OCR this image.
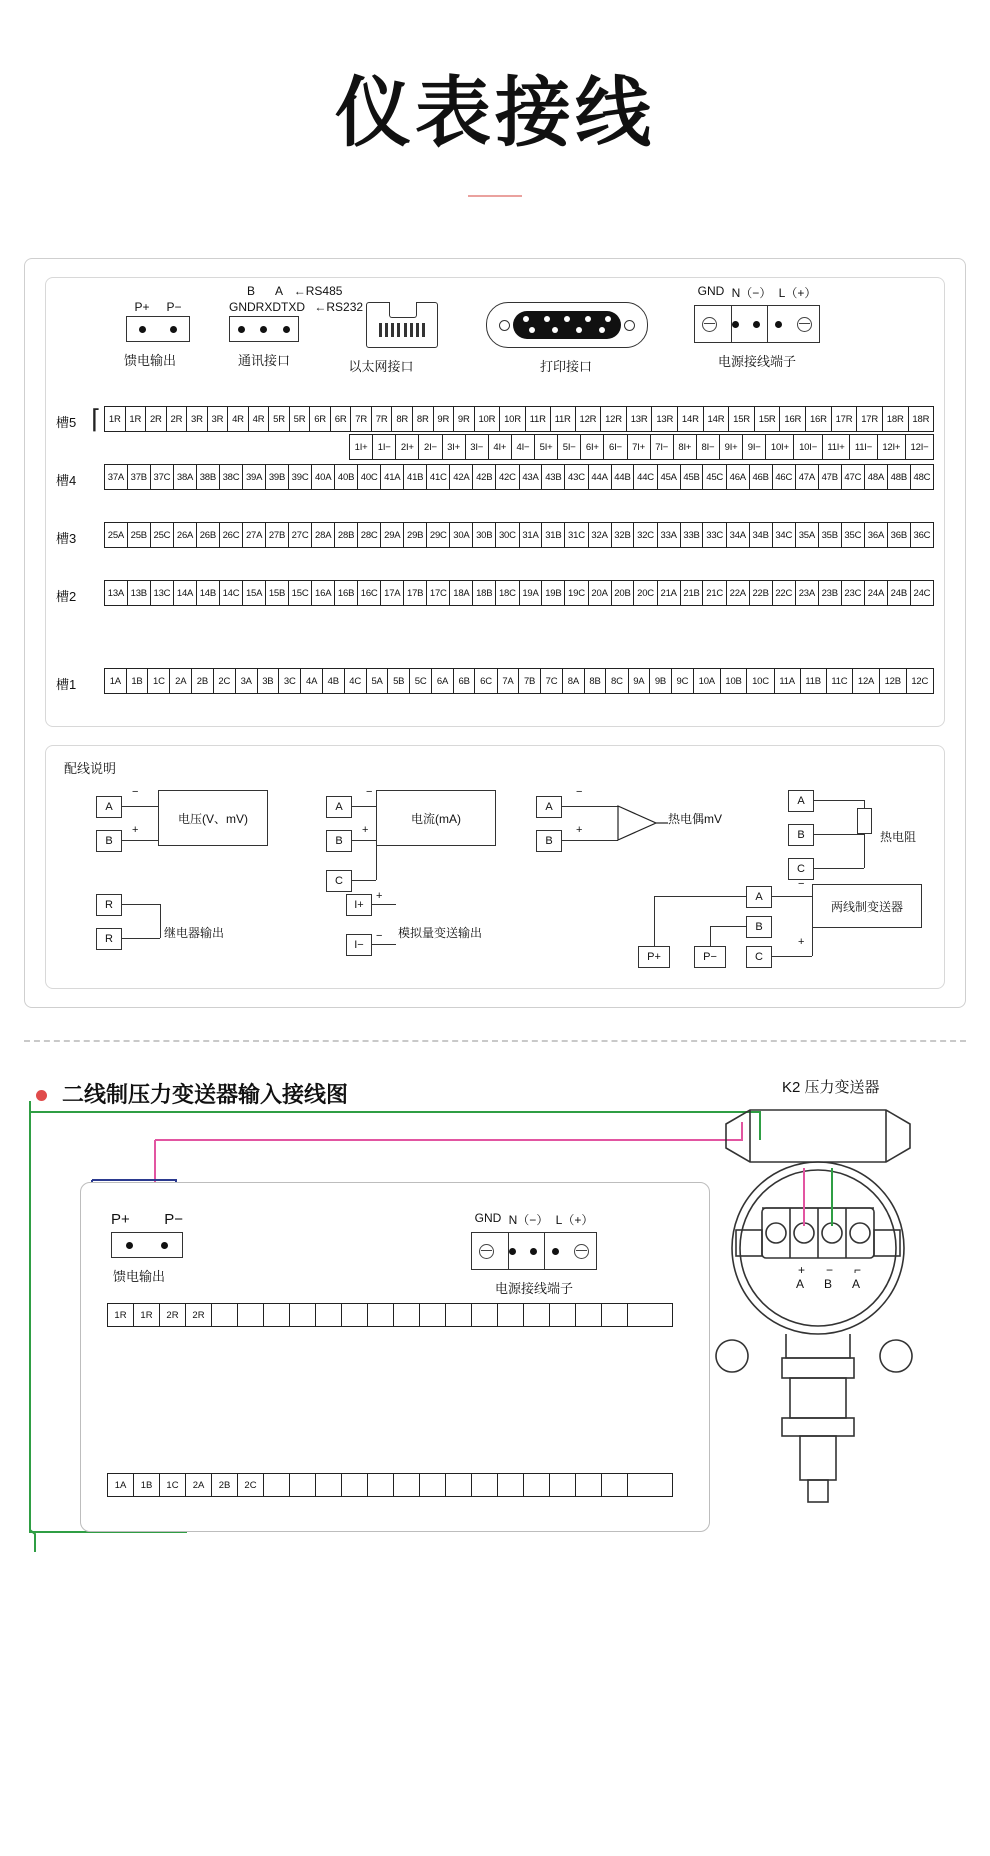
仪表接线
P+ P−
馈电输出
B A ←RS485
GNDRXDTXD ←RS232
通讯接口	以太网接口	打印接口
GND N（−） L（+）
电源接线端子
槽5 ⌈ 1R 1R 2R 2R 3R 3R 4R 4R 5R 5R 6R 6R 7R 7R 8R 8R 9R 9R 10R 10R 11R 11R 12R 12R 13R 13R 14R 14R 15R 15R 16R 16R 17R 17R 18R 18R
1I+	1I−	2I+	2I−	3I+	3I−	4I+	4I−	5I+	5I−	6I+	6I−	7I+	7I−	8I+	8I−	9I+	9I−	10I+	10I−	11I+	11I−	12I+	12I−
槽4	37A 37B 37C 38A 38B 38C 39A 39B 39C 40A 40B 40C 41A 41B 41C 42A 42B 42C 43A 43B 43C 44A 44B 44C 45A 45B 45C 46A 46B 46C 47A 47B 47C 48A 48B 48C
槽3	25A 25B 25C 26A 26B 26C 27A 27B 27C 28A 28B 28C 29A 29B 29C 30A 30B 30C 31A 31B 31C 32A 32B 32C 33A 33B 33C 34A 34B 34C 35A 35B 35C 36A 36B 36C
槽2	13A 13B 13C 14A 14B 14C 15A 15B 15C 16A 16B 16C 17A 17B 17C 18A 18B 18C 19A 19B 19C 20A 20B 20C 21A 21B 21C 22A 22B 22C 23A 23B 23C 24A 24B 24C
槽1	1A	1B	1C	2A	2B	2C	3A	3B	3C	4A	4B	4C	5A	5B	5C	6A	6B	6C	7A	7B	7C	8A	8B	8C	9A	9B	9C	10A	10B	10C	11A	11B	11C	12A	12B	12C
配线说明
A
B
电压(V、mV)
−
+
A
B
C
电流(mA)
−
+
A
B
−
+
热电偶mV
A
B
C
热电阻
R
R	继电器输出
I+
I−
+
− 模拟量变送输出
A
B
C
P+	P−
两线制变送器
−
+
二线制压力变送器输入接线图	K2 压力变送器
P+ P−
馈电输出
GND N（−） L（+）
电源接线端子
1R	1R	2R	2R
1A	1B	1C	2A	2B	2C
+ − ⌐
A B A
